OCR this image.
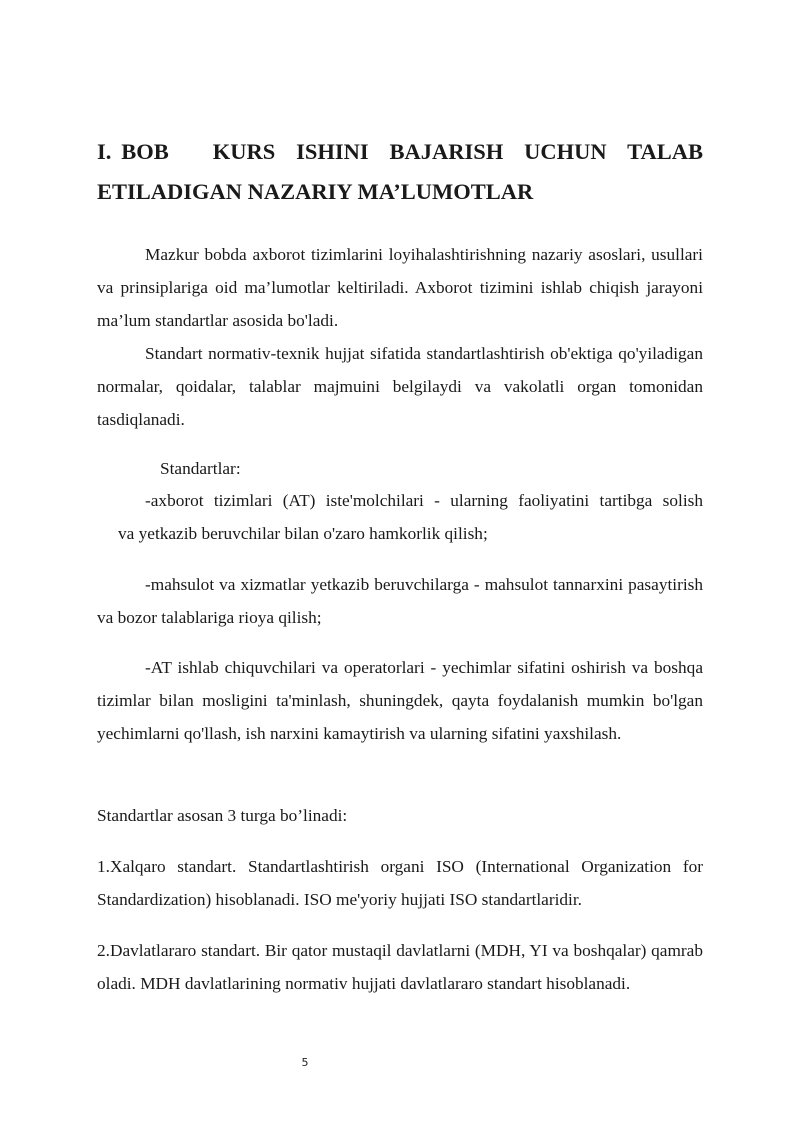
I. BOB KURS ISHINI BAJARISH UCHUN TALAB
ETILADIGAN NAZARIY MA’LUMOTLAR

Mazkur bobda axborot tizimlarini loyihalashtirishning nazariy asoslari, usullari va prinsiplariga oid ma’lumotlar keltiriladi. Axborot tizimini ishlab chiqish jarayoni ma’lum standartlar asosida bo'ladi.

Standart normativ-texnik hujjat sifatida standartlashtirish ob'ektiga qo'yiladigan normalar, qoidalar, talablar majmuini belgilaydi va vakolatli organ tomonidan tasdiqlanadi.

Standartlar:

-axborot tizimlari (AT) iste'molchilari - ularning faoliyatini tartibga solish

va yetkazib beruvchilar bilan o'zaro hamkorlik qilish;

-mahsulot va xizmatlar yetkazib beruvchilarga - mahsulot tannarxini pasaytirish va bozor talablariga rioya qilish;

-AT ishlab chiquvchilari va operatorlari - yechimlar sifatini oshirish va boshqa tizimlar bilan mosligini ta'minlash, shuningdek, qayta foydalanish mumkin bo'lgan yechimlarni qo'llash, ish narxini kamaytirish va ularning sifatini yaxshilash.

Standartlar asosan 3 turga bo’linadi:

1.Xalqaro standart. Standartlashtirish organi ISO (International Organization for Standardization) hisoblanadi. ISO me'yoriy hujjati ISO standartlaridir.

2.Davlatlararo standart. Bir qator mustaqil davlatlarni (MDH, YI va boshqalar) qamrab oladi. MDH davlatlarining normativ hujjati davlatlararo standart hisoblanadi.

5
